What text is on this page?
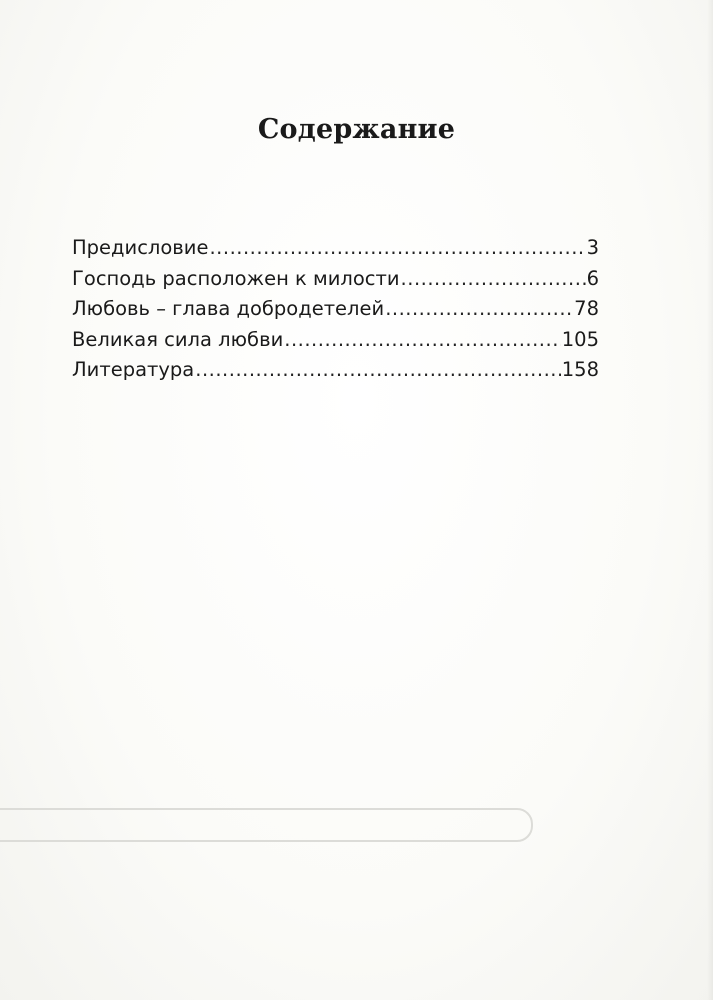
Содержание
Предисловие .....	3
Господь расположен к милости .....	6
Любовь – глава добродетелей .....	78
Великая сила любви .....	105
Литература .....	158
